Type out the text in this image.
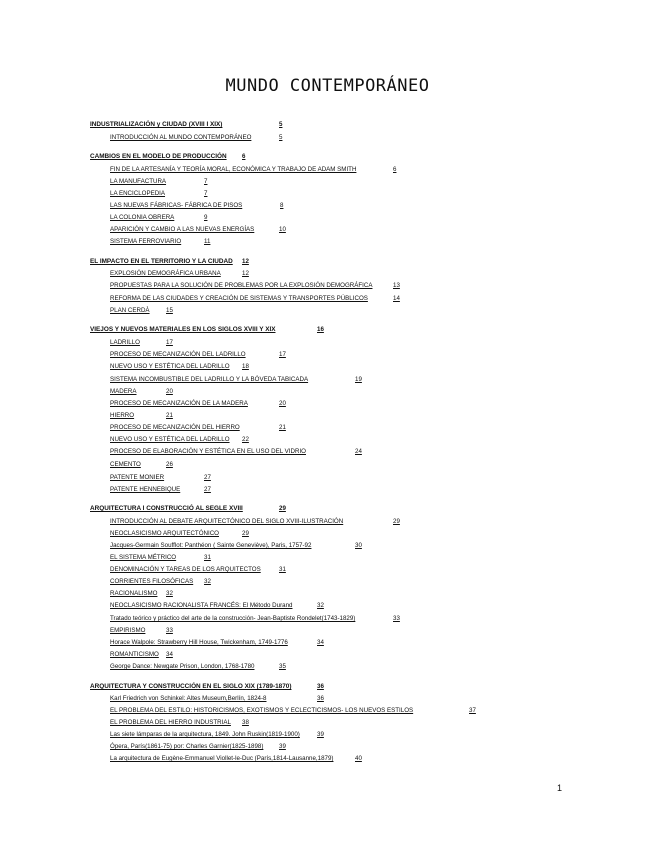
MUNDO CONTEMPORÁNEO
INDUSTRIALIZACIÓN y CIUDAD (XVIII I XIX)	5
INTRODUCCIÓN AL MUNDO CONTEMPORÁNEO	5
CAMBIOS EN EL MODELO DE PRODUCCIÓN 6
FIN DE LA ARTESANÍA Y TEORÍA MORAL, ECONÓMICA Y TRABAJO DE ADAM SMITH	6
LA MANUFACTURA	7
LA ENCICLOPEDIA	7
LAS NUEVAS FÁBRICAS- FÁBRICA DE PISOS	8
LA COLONIA OBRERA	9
APARICIÓN Y CAMBIO A LAS NUEVAS ENERGÍAS	10
SISTEMA FERROVIARIO	11
EL IMPACTO EN EL TERRITORIO Y LA CIUDAD 12
EXPLOSIÓN DEMOGRÁFICA URBANA	12
PROPUESTAS PARA LA SOLUCIÓN DE PROBLEMAS POR LA EXPLOSIÓN DEMOGRÁFICA	13
REFORMA DE LAS CIUDADES Y CREACIÓN DE SISTEMAS Y TRANSPORTES PÚBLICOS	14
PLAN CERDÀ	15
VIEJOS Y NUEVOS MATERIALES EN LOS SIGLOS XVIII Y XIX	16
LADRILLO	17
PROCESO DE MECANIZACIÓN DEL LADRILLO	17
NUEVO USO Y ESTÉTICA DEL LADRILLO 18
SISTEMA INCOMBUSTIBLE DEL LADRILLO Y LA BÓVEDA TABICADA	19
MADERA	20
PROCESO DE MECANIZACIÓN DE LA MADERA	20
HIERRO	21
PROCESO DE MECANIZACIÓN DEL HIERRO	21
NUEVO USO Y ESTÉTICA DEL LADRILLO 22
PROCESO DE ELABORACIÓN Y ESTÉTICA EN EL USO DEL VIDRIO	24
CEMENTO	26
PATENTE MONIER	27
PATENTE HENNEBIQUE	27
ARQUITECTURA I CONSTRUCCIÓ AL SEGLE XVIII	29
INTRODUCCIÓN AL DEBATE ARQUITECTÓNICO DEL SIGLO XVIII-ILUSTRACIÓN	29
NEOCLASICISMO ARQUITECTÓNICO	29
Jacques-Germain Soufflot: Panthéon ( Sainte Geneviève), Paris, 1757-92	30
EL SISTEMA MÉTRICO	31
DENOMINACIÓN Y TAREAS DE LOS ARQUITECTOS	31
CORRIENTES FILOSÓFICAS 32
RACIONALISMO 32
NEOCLASICISMO RACIONALISTA FRANCÉS: El Método Durand	32
Tratado teórico y práctico del arte de la construcción- Jean-Baptiste Rondelet(1743-1829)	33
EMPIRISMO	33
Horace Walpole: Strawberry Hill House, Twickenham, 1749-1776	34
ROMANTICISMO 34
George Dance: Newgate Prison, London, 1768-1780	35
ARQUITECTURA Y CONSTRUCCIÓN EN EL SIGLO XIX (1789-1870)	36
Karl Friedrich von Schinkel: Altes Museum,Berlín, 1824-8	36
EL PROBLEMA DEL ESTILO: HISTORICISMOS, EXOTISMOS Y ECLECTICISMOS- LOS NUEVOS ESTILOS	37
EL PROBLEMA DEL HIERRO INDUSTRIAL 38
Las siete lámparas de la arquitectura, 1849. John Ruskin(1819-1900)	39
Ópera, París(1861-75) por: Charles Garnier(1825-1898)	39
La arquitectura de Eugène-Emmanuel Viollet-le-Duc (París,1814-Lausanne,1879)	40
1
